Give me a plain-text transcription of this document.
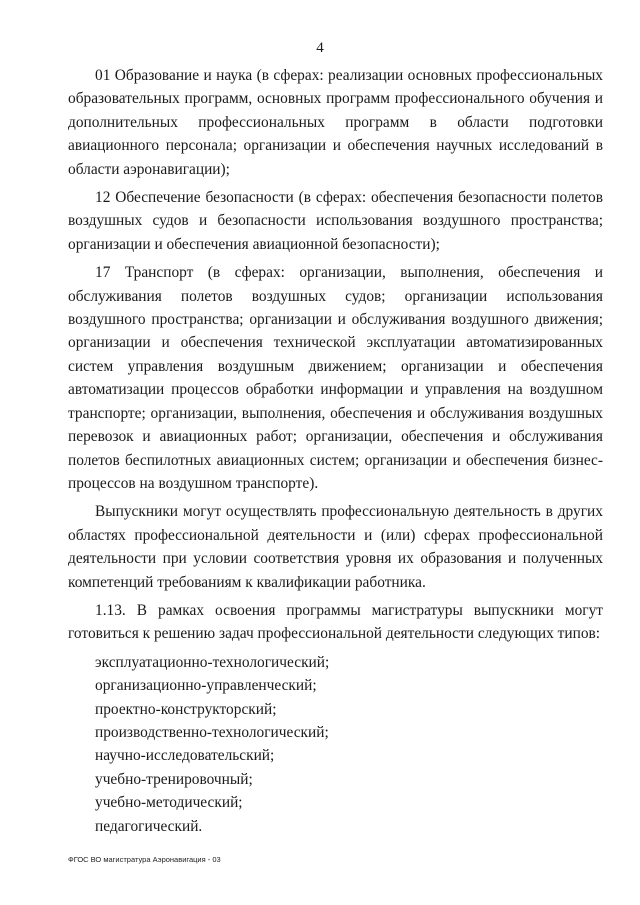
4

01 Образование и наука (в сферах: реализации основных профессиональных образовательных программ, основных программ профессионального обучения и дополнительных профессиональных программ в области подготовки авиационного персонала; организации и обеспечения научных исследований в области аэронавигации);

12 Обеспечение безопасности (в сферах: обеспечения безопасности полетов воздушных судов и безопасности использования воздушного пространства; организации и обеспечения авиационной безопасности);

17 Транспорт (в сферах: организации, выполнения, обеспечения и обслуживания полетов воздушных судов; организации использования воздушного пространства; организации и обслуживания воздушного движения; организации и обеспечения технической эксплуатации автоматизированных систем управления воздушным движением; организации и обеспечения автоматизации процессов обработки информации и управления на воздушном транспорте; организации, выполнения, обеспечения и обслуживания воздушных перевозок и авиационных работ; организации, обеспечения и обслуживания полетов беспилотных авиационных систем; организации и обеспечения бизнес-процессов на воздушном транспорте).

Выпускники могут осуществлять профессиональную деятельность в других областях профессиональной деятельности и (или) сферах профессиональной деятельности при условии соответствия уровня их образования и полученных компетенций требованиям к квалификации работника.

1.13. В рамках освоения программы магистратуры выпускники могут готовиться к решению задач профессиональной деятельности следующих типов:

эксплуатационно-технологический;

организационно-управленческий;

проектно-конструкторский;

производственно-технологический;

научно-исследовательский;

учебно-тренировочный;

учебно-методический;

педагогический.

ФГОС ВО магистратура Аэронавигация - 03
